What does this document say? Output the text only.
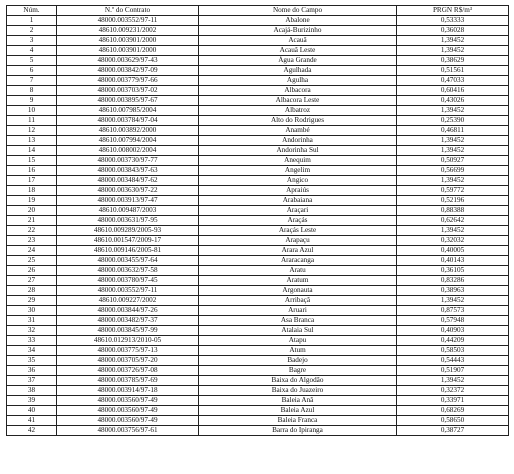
Núm.	N.º do Contrato	Nome do Campo	PRGN R$/m³
1	48000.003552/97-11	Abalone	0,53333
2	48610.009231/2002	Acajá-Burizinho	0,36028
3	48610.003901/2000	Acauã	1,39452
4	48610.003901/2000	Acauã Leste	1,39452
5	48000.003629/97-43	Água Grande	0,38629
6	48000.003842/97-09	Agulhada	0,51561
7	48000.003779/97-66	Agulha	0,47033
8	48000.003703/97-02	Albacora	0,60416
9	48000.003895/97-67	Albacora Leste	0,43026
10	48610.007985/2004	Albatroz	1,39452
11	48000.003784/97-04	Alto do Rodrigues	0,25390
12	48610.003892/2000	Anambé	0,46811
13	48610.007994/2004	Andorinha	1,39452
14	48610.008002/2004	Andorinha Sul	1,39452
15	48000.003730/97-77	Anequim	0,50927
16	48000.003843/97-63	Angelim	0,56699
17	48000.003484/97-62	Angico	1,39452
18	48000.003630/97-22	Apraiús	0,59772
19	48000.003913/97-47	Arabaiana	0,52196
20	48610.009487/2003	Araçari	0,88388
21	48000.003631/97-95	Araçás	0,62642
22	48610.009289/2005-93	Araçás Leste	1,39452
23	48610.001547/2009-17	Arapaçu	0,32032
24	48610.009146/2005-81	Arara Azul	0,40005
25	48000.003455/97-64	Araracanga	0,40143
26	48000.003632/97-58	Aratu	0,36105
27	48000.003780/97-45	Aratum	0,83286
28	48000.003552/97-11	Argonauta	0,38963
29	48610.009227/2002	Arribaçã	1,39452
30	48000.003844/97-26	Aruari	0,87573
31	48000.003482/97-37	Asa Branca	0,57948
32	48000.003845/97-99	Atalaia Sul	0,40903
33	48610.012913/2010-05	Atapu	0,44209
34	48000.003775/97-13	Atum	0,58503
35	48000.003705/97-20	Badejo	0,54443
36	48000.003726/97-08	Bagre	0,51907
37	48000.003785/97-69	Baixa do Algodão	1,39452
38	48000.003914/97-18	Baixa do Juazeiro	0,32372
39	48000.003560/97-49	Baleia Anã	0,33971
40	48000.003560/97-49	Baleia Azul	0,68269
41	48000.003560/97-49	Baleia Franca	0,58650
42	48000.003756/97-61	Barra do Ipiranga	0,38727
